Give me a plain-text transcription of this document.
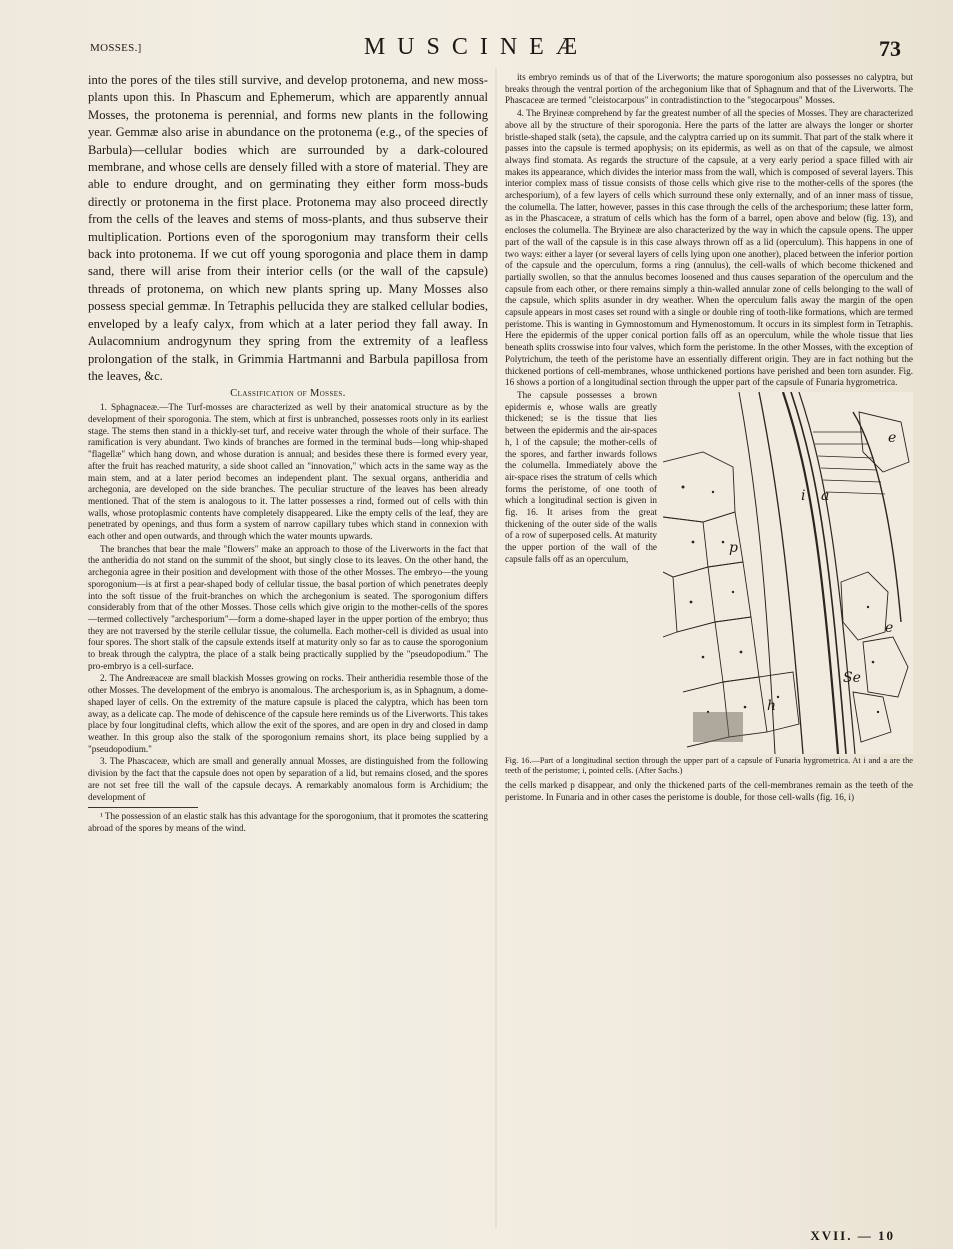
MOSSES.]	MUSCINEÆ	73

into the pores of the tiles still survive, and develop protonema, and new moss-plants upon this. In Phascum and Ephemerum, which are apparently annual Mosses, the protonema is perennial, and forms new plants in the following year. Gemmæ also arise in abundance on the protonema (e.g., of the species of Barbula)—cellular bodies which are surrounded by a dark-coloured membrane, and whose cells are densely filled with a store of material. They are able to endure drought, and on germinating they either form moss-buds directly or protonema in the first place. Protonema may also proceed directly from the cells of the leaves and stems of moss-plants, and thus subserve their multiplication. Portions even of the sporogonium may transform their cells back into protonema. If we cut off young sporogonia and place them in damp sand, there will arise from their interior cells (or the wall of the capsule) threads of protonema, on which new plants spring up. Many Mosses also possess special gemmæ. In Tetraphis pellucida they are stalked cellular bodies, enveloped by a leafy calyx, from which at a later period they fall away. In Aulacomnium androgynum they spring from the extremity of a leafless prolongation of the stalk, in Grimmia Hartmanni and Barbula papillosa from the leaves, &c.

Classification of Mosses.

1. Sphagnaceæ.—The Turf-mosses are characterized as well by their anatomical structure as by the development of their sporogonia. The stem, which at first is unbranched, possesses roots only in its earliest stage. The stems then stand in a thickly-set turf, and receive water through the whole of their surface. The ramification is very abundant. Two kinds of branches are formed in the terminal buds—long whip-shaped "flagellæ" which hang down, and whose duration is annual; and besides these there is formed every year, after the fruit has reached maturity, a side shoot called an "innovation," which acts in the same way as the main stem, and at a later period becomes an independent plant. The sexual organs, antheridia and archegonia, are developed on the side branches. The peculiar structure of the leaves has been already mentioned. That of the stem is analogous to it. The latter possesses a rind, formed out of cells with thin walls, whose protoplasmic contents have completely disappeared. Like the empty cells of the leaf, they are penetrated by openings, and thus form a system of narrow capillary tubes which stand in connexion with each other and open outwards, and through which the water mounts upwards.

The branches that bear the male "flowers" make an approach to those of the Liverworts in the fact that the antheridia do not stand on the summit of the shoot, but singly close to its leaves. On the other hand, the archegonia agree in their position and development with those of the other Mosses. The embryo—the young sporogonium—is at first a pear-shaped body of cellular tissue, the basal portion of which penetrates deeply into the soft tissue of the fruit-branches on which the archegonium is seated. The sporogonium differs considerably from that of the other Mosses. Those cells which give origin to the mother-cells of the spores—termed collectively "archesporium"—form a dome-shaped layer in the upper portion of the embryo; thus they are not traversed by the sterile cellular tissue, the columella. Each mother-cell is divided as usual into four spores. The short stalk of the capsule extends itself at maturity only so far as to cause the sporogonium to break through the calyptra, the place of a stalk being practically supplied by the "pseudopodium." The pro-embryo is a cell-surface.

2. The Andreæaceæ are small blackish Mosses growing on rocks. Their antheridia resemble those of the other Mosses. The development of the embryo is anomalous. The archesporium is, as in Sphagnum, a dome-shaped layer of cells. On the extremity of the mature capsule is placed the calyptra, which has been torn away, as a delicate cap. The mode of dehiscence of the capsule here reminds us of the Liverworts. This takes place by four longitudinal clefts, which allow the exit of the spores, and are open in dry and closed in damp weather. In this group also the stalk of the sporogonium remains short, its place being supplied by a "pseudopodium."

3. The Phascaceæ, which are small and generally annual Mosses, are distinguished from the following division by the fact that the capsule does not open by separation of a lid, but remains closed, and the spores are not set free till the wall of the capsule decays. A remarkably anomalous form is Archidium; the development of

¹ The possession of an elastic stalk has this advantage for the sporogonium, that it promotes the scattering abroad of the spores by means of the wind.

its embryo reminds us of that of the Liverworts; the mature sporogonium also possesses no calyptra, but breaks through the ventral portion of the archegonium like that of Sphagnum and that of the Liverworts. The Phascaceæ are termed "cleistocarpous" in contradistinction to the "stegocarpous" Mosses.

4. The Bryineæ comprehend by far the greatest number of all the species of Mosses. They are characterized above all by the structure of their sporogonia. Here the parts of the latter are always the longer or shorter bristle-shaped stalk (seta), the capsule, and the calyptra carried up on its summit. That part of the stalk where it passes into the capsule is termed apophysis; on its epidermis, as well as on that of the capsule, we almost always find stomata. As regards the structure of the capsule, at a very early period a space filled with air makes its appearance, which divides the interior mass from the wall, which is composed of several layers. This interior complex mass of tissue consists of those cells which give rise to the mother-cells of the spores (the archesporium), of a few layers of cells which surround these only externally, and of an inner mass of tissue, the columella. The latter, however, passes in this case through the cells of the archesporium; these latter form, as in the Phascaceæ, a stratum of cells which has the form of a barrel, open above and below (fig. 13), and encloses the columella. The Bryineæ are also characterized by the way in which the capsule opens. The upper part of the wall of the capsule is in this case always thrown off as a lid (operculum). This happens in one of two ways: either a layer (or several layers of cells lying upon one another), placed between the inferior portion of the capsule and the operculum, forms a ring (annulus), the cell-walls of which become thickened and partially swollen, so that the annulus becomes loosened and thus causes separation of the operculum and the capsule from each other, or there remains simply a thin-walled annular zone of cells belonging to the wall of the capsule, which splits asunder in dry weather. When the operculum falls away the margin of the open capsule appears in most cases set round with a single or double ring of tooth-like formations, which are termed peristome. This is wanting in Gymnostomum and Hymenostomum. It occurs in its simplest form in Tetraphis. Here the epidermis of the upper conical portion falls off as an operculum, while the whole tissue that lies beneath splits crosswise into four valves, which form the peristome. In the other Mosses, with the exception of Polytrichum, the teeth of the peristome have an essentially different origin. They are in fact nothing but the thickened portions of cell-membranes, whose unthickened portions have perished and been torn asunder. Fig. 16 shows a portion of a longitudinal section through the upper part of the capsule of Funaria hygrometrica.

e
i a
p
e
Se
h

The capsule possesses a brown epidermis e, whose walls are greatly thickened; se is the tissue that lies between the epidermis and the air-spaces h, l of the capsule; the mother-cells of the spores, and farther inwards follows the columella. Immediately above the air-space rises the stratum of cells which forms the peristome, of one tooth of which a longitudinal section is given in fig. 16. It arises from the great thickening of the outer side of the walls of a row of superposed cells. At maturity the upper portion of the wall of the capsule falls off as an operculum,

Fig. 16.—Part of a longitudinal section through the upper part of a capsule of Funaria hygrometrica. At i and a are the teeth of the peristome; i, pointed cells. (After Sachs.)

the cells marked p disappear, and only the thickened parts of the cell-membranes remain as the teeth of the peristome. In Funaria and in other cases the peristome is double, for those cell-walls (fig. 16, i)

XVII. — 10
